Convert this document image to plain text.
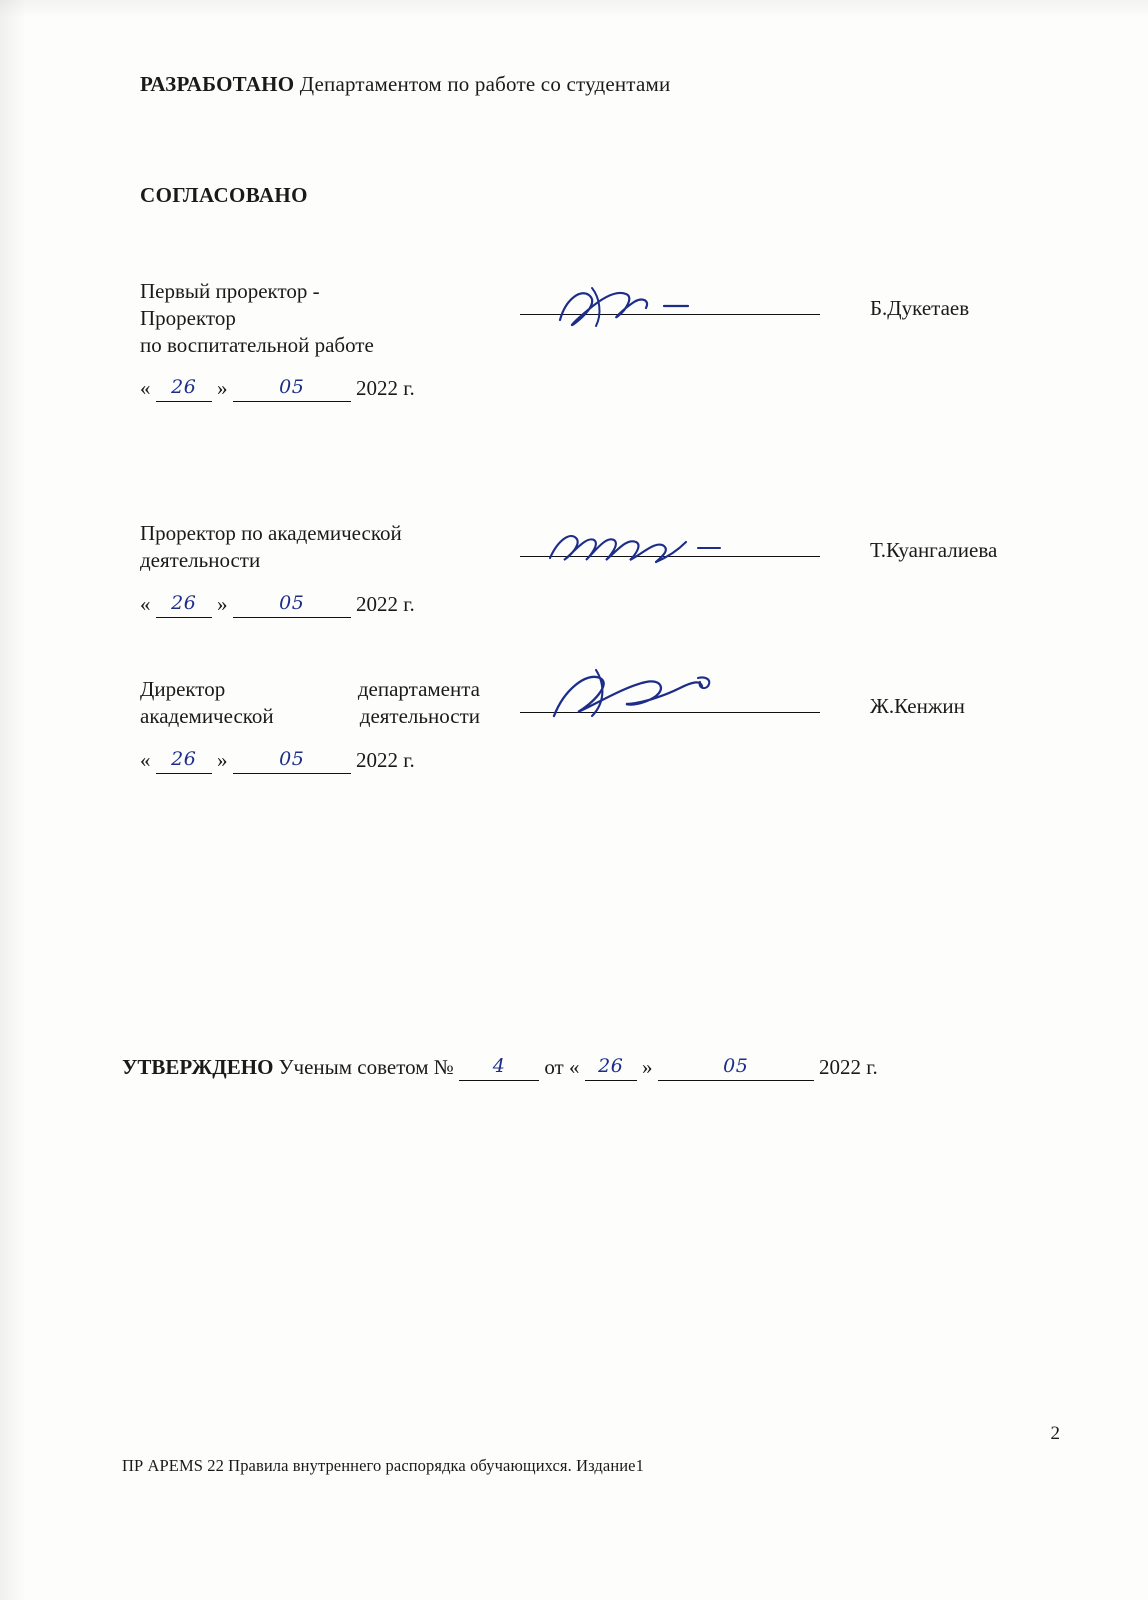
РАЗРАБОТАНО Департаментом по работе со студентами
СОГЛАСОВАНО
Первый проректор -
Проректор
по воспитательной работе
Б.Дукетаев
« 26 »	05 2022 г.
Проректор по академической
деятельности	Т.Куангалиева
« 26 »	05 2022 г.
Директор департамента
академической деятельности	Ж.Кенжин
« 26 »	05 2022 г.
УТВЕРЖДЕНО Ученым советом № 4 от « 26 »	05	2022 г.
2
ПР АРЕМS 22 Правила внутреннего распорядка обучающихся. Издание1
